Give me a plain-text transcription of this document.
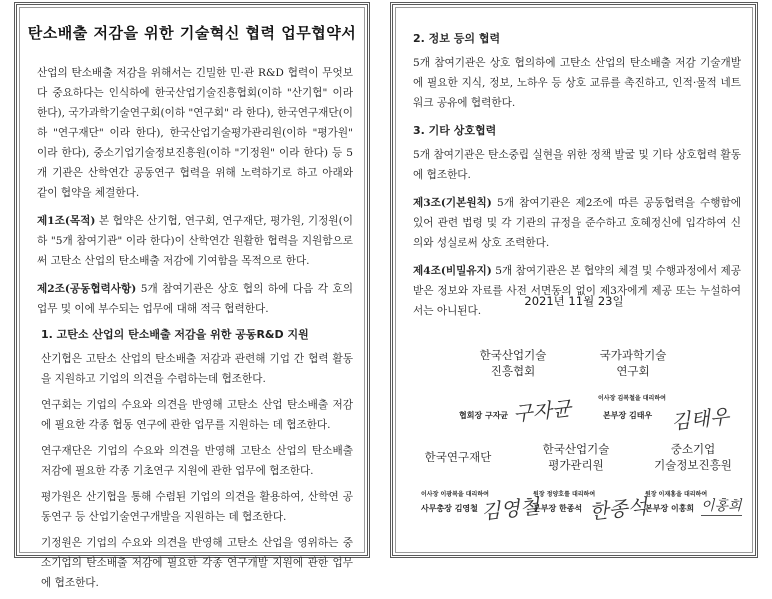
탄소배출 저감을 위한 기술혁신 협력 업무협약서

산업의 탄소배출 저감을 위해서는 긴밀한 민·관 R&D 협력이 무엇보다 중요하다는 인식하에 한국산업기술진흥협회(이하 "산기협" 이라 한다), 국가과학기술연구회(이하 "연구회" 라 한다), 한국연구재단(이하 "연구재단" 이라 한다), 한국산업기술평가관리원(이하 "평가원" 이라 한다), 중소기업기술정보진흥원(이하 "기정원" 이라 한다) 등 5개 기관은 산학연간 공동연구 협력을 위해 노력하기로 하고 아래와 같이 협약을 체결한다.

제1조(목적) 본 협약은 산기협, 연구회, 연구재단, 평가원, 기정원(이하 "5개 참여기관" 이라 한다)이 산학연간 원활한 협력을 지원함으로써 고탄소 산업의 탄소배출 저감에 기여함을 목적으로 한다.

제2조(공동협력사항) 5개 참여기관은 상호 협의 하에 다음 각 호의 업무 및 이에 부수되는 업무에 대해 적극 협력한다.

1. 고탄소 산업의 탄소배출 저감을 위한 공동R&D 지원

산기협은 고탄소 산업의 탄소배출 저감과 관련해 기업 간 협력 활동을 지원하고 기업의 의견을 수렴하는데 협조한다.

연구회는 기업의 수요와 의견을 반영해 고탄소 산업 탄소배출 저감에 필요한 각종 협동 연구에 관한 업무를 지원하는 데 협조한다.

연구재단은 기업의 수요와 의견을 반영해 고탄소 산업의 탄소배출 저감에 필요한 각종 기초연구 지원에 관한 업무에 협조한다.

평가원은 산기협을 통해 수렴된 기업의 의견을 활용하여, 산학연 공동연구 등 산업기술연구개발을 지원하는 데 협조한다.

기정원은 기업의 수요와 의견을 반영해 고탄소 산업을 영위하는 중소기업의 탄소배출 저감에 필요한 각종 연구개발 지원에 관한 업무에 협조한다.

2. 정보 등의 협력

5개 참여기관은 상호 협의하에 고탄소 산업의 탄소배출 저감 기술개발에 필요한 지식, 정보, 노하우 등 상호 교류를 촉진하고, 인적·물적 네트워크 공유에 협력한다.

3. 기타 상호협력

5개 참여기관은 탄소중립 실현을 위한 정책 발굴 및 기타 상호협력 활동에 협조한다.

제3조(기본원칙) 5개 참여기관은 제2조에 따른 공동협력을 수행함에 있어 관련 법령 및 각 기관의 규정을 준수하고 호혜정신에 입각하여 신의와 성실로써 상호 조력한다.

제4조(비밀유지) 5개 참여기관은 본 협약의 체결 및 수행과정에서 제공받은 정보와 자료를 사전 서면동의 없이 제3자에게 제공 또는 누설하여서는 아니된다.

2021년 11월 23일
한국산업기술
진흥협회
협회장 구자균 구자균
국가과학기술
연구회
이사장 김복철을 대리하여
본부장 김태우 김태우
한국연구재단
이사장 이광복을 대리하여
사무총장 김영철 김영철
한국산업기술
평가관리원
원장 정양호를 대리하여
본부장 한종석 한종석
중소기업
기술정보진흥원
원장 이재홍을 대리하여
본부장 이홍희 이홍희
